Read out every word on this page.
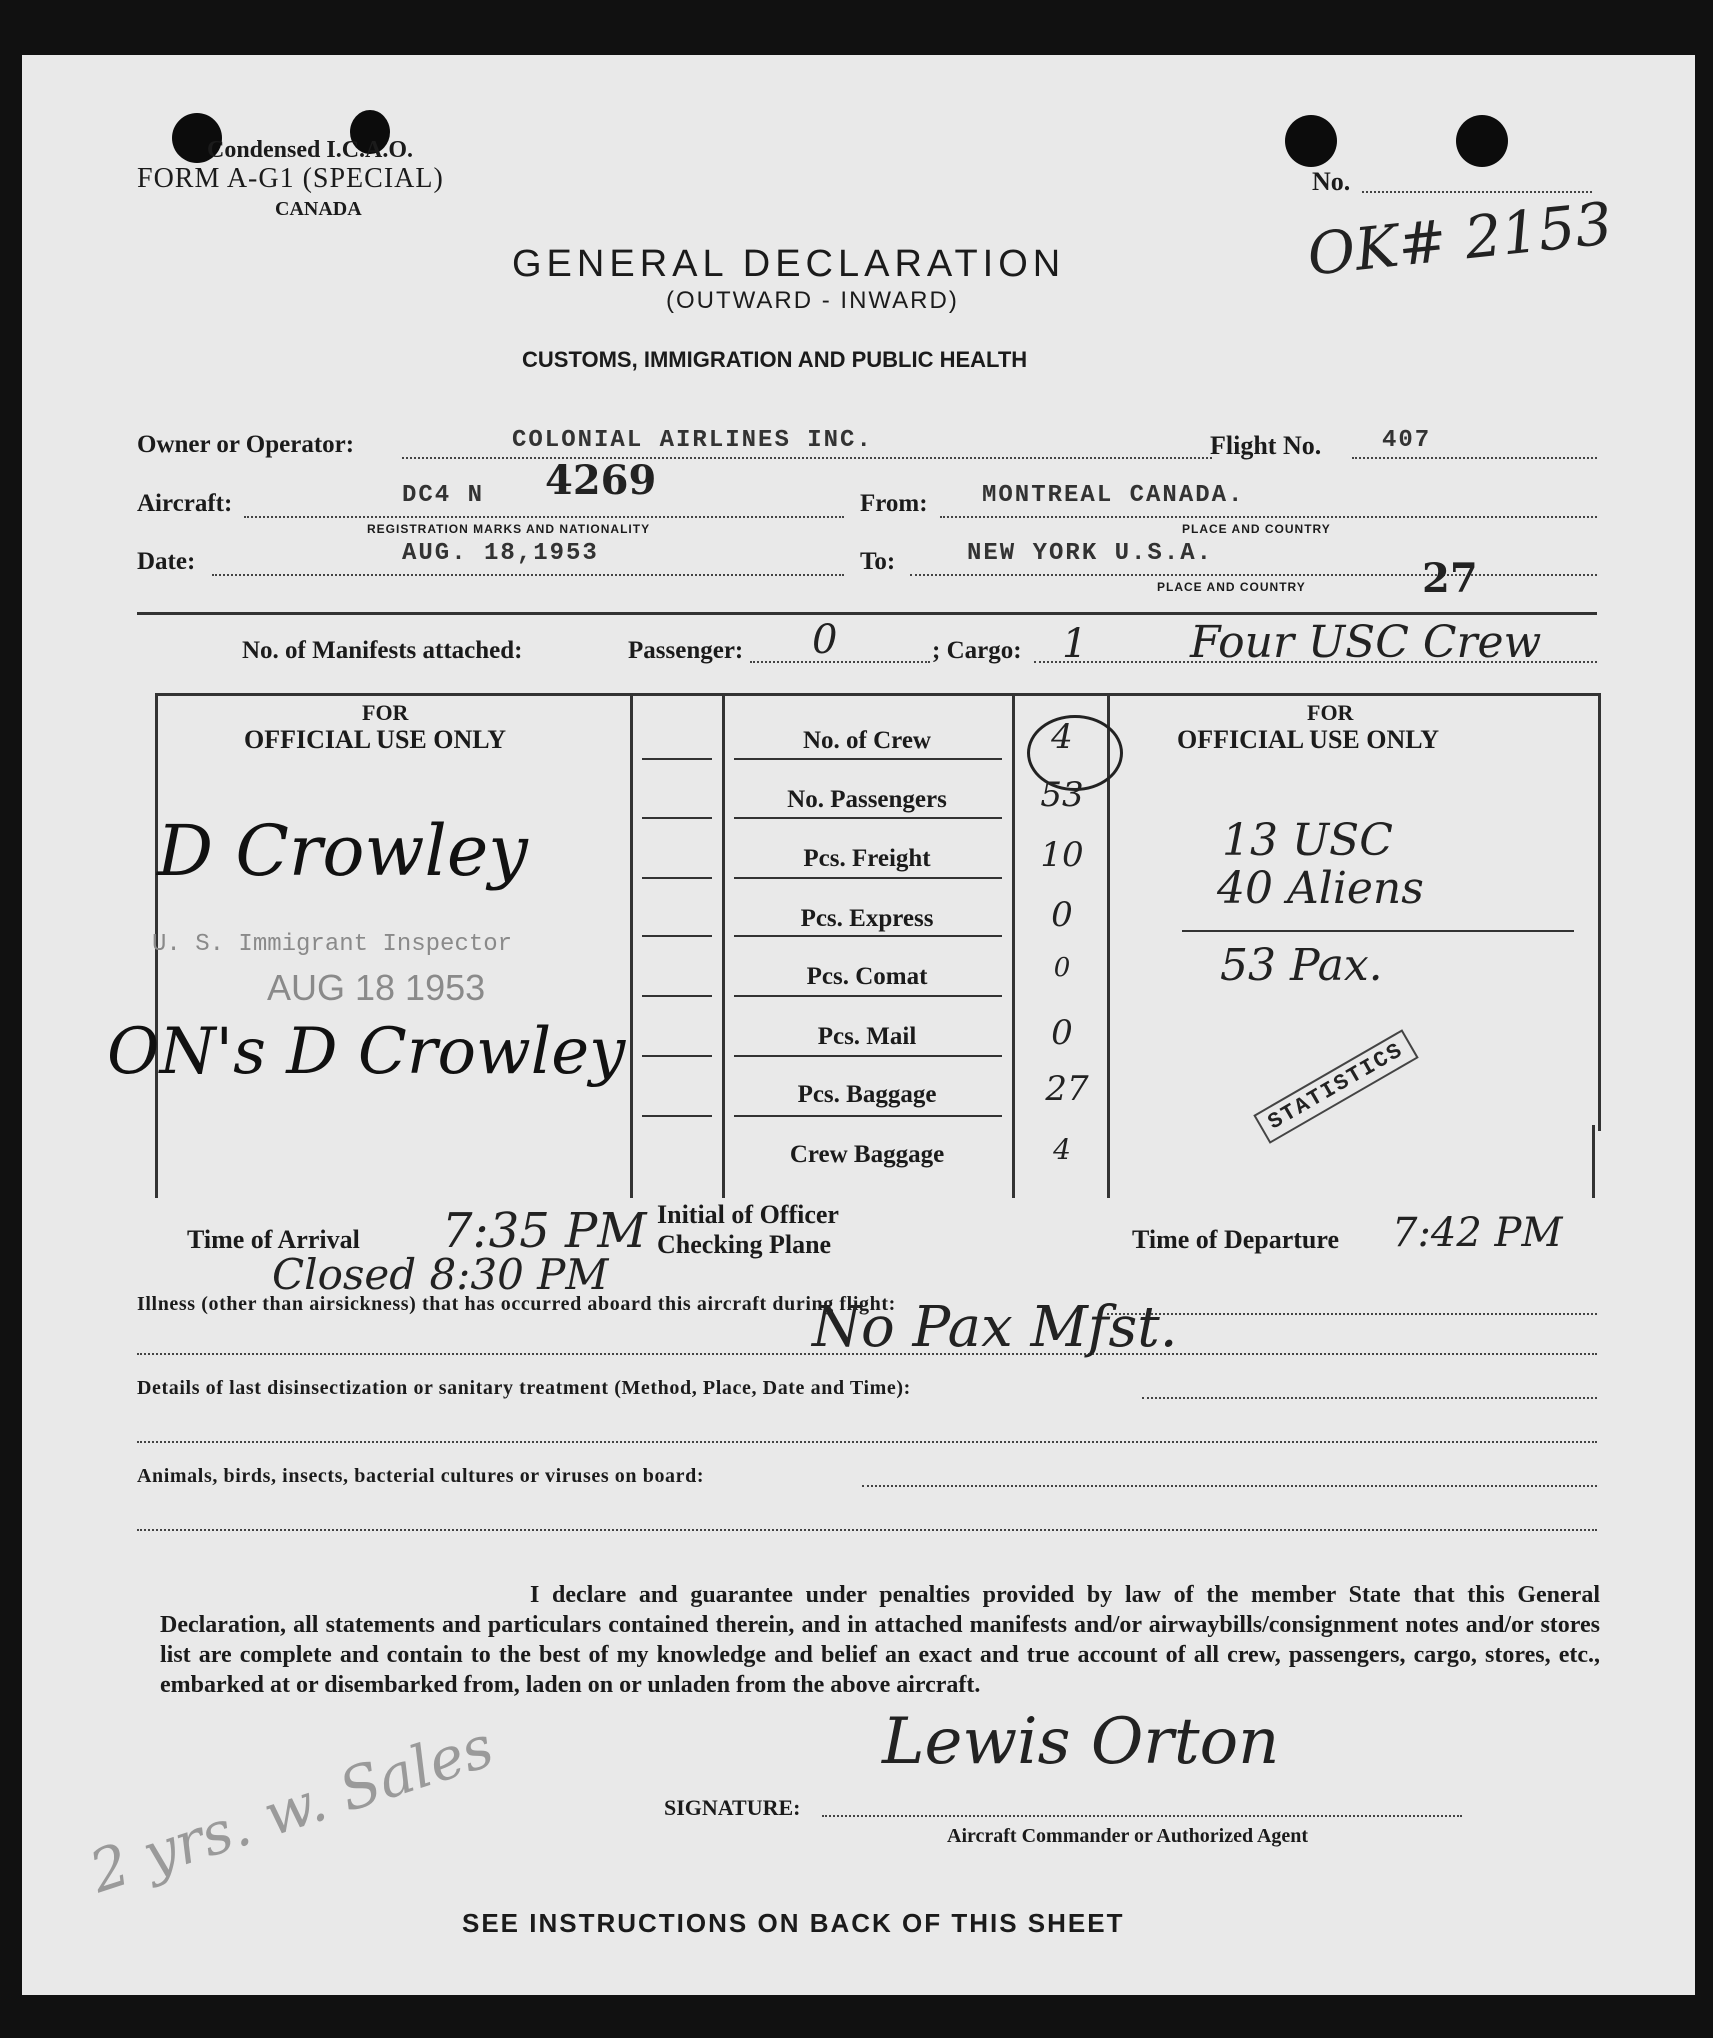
Condensed I.C.A.O.
FORM A-G1 (SPECIAL)
CANADA
No.
OK# 2153
GENERAL DECLARATION
(OUTWARD - INWARD)
CUSTOMS, IMMIGRATION AND PUBLIC HEALTH
Owner or Operator:	COLONIAL AIRLINES INC.	Flight No.	407
Aircraft:	DC4 N 4269
REGISTRATION MARKS AND NATIONALITY
From: MONTREAL CANADA.
PLACE AND COUNTRY
Date:	AUG. 18,1953	To:	NEW YORK U.S.A.
PLACE AND COUNTRY	27
No. of Manifests attached:	Passenger: 0	; Cargo: 1 Four USC Crew
FOR
OFFICIAL USE ONLY
FOR
OFFICIAL USE ONLY
No. of Crew	4
No. Passengers	53
Pcs. Freight	10
Pcs. Express	0
Pcs. Comat	0
Pcs. Mail	0
Pcs. Baggage	27
Crew Baggage	4
13 USC
40 Aliens
53 Pax.
STATISTICS
D Crowley
U. S. Immigrant Inspector
AUG 18 1953
ON's D Crowley
Time of Arrival 7:35 PM
Closed 8:30 PM
Initial of Officer
Checking Plane	Time of Departure 7:42 PM
Illness (other than airsickness) that has occurred aboard this aircraft during flight:
No Pax Mfst.
Details of last disinsectization or sanitary treatment (Method, Place, Date and Time):
Animals, birds, insects, bacterial cultures or viruses on board:
I declare and guarantee under penalties provided by law of the member State that this General Declaration, all statements and particulars contained therein, and in attached manifests and/or airwaybills/consignment notes and/or stores list are complete and contain to the best of my knowledge and belief an exact and true account of all crew, passengers, cargo, stores, etc., embarked at or disembarked from, laden on or unladen from the above aircraft.
SIGNATURE:
Lewis Orton
Aircraft Commander or Authorized Agent
2 yrs. w. Sales
SEE INSTRUCTIONS ON BACK OF THIS SHEET
